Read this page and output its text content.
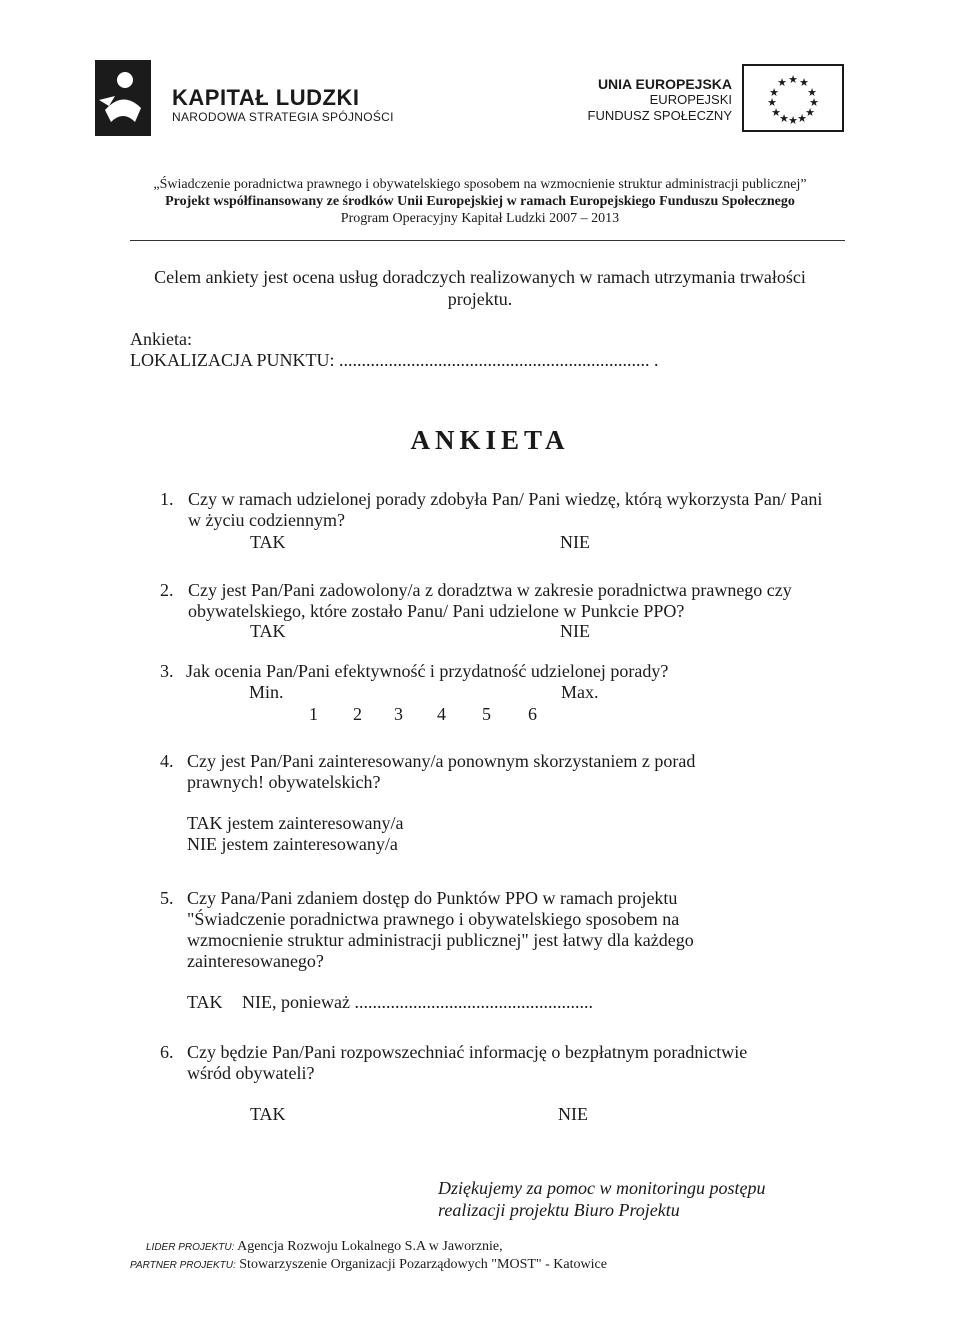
KAPITAŁ LUDZKI
NARODOWA STRATEGIA SPÓJNOŚCI
UNIA EUROPEJSKA
EUROPEJSKI
FUNDUSZ SPOŁECZNY
★
★ ★
★	★
★	★
★ ★
★ ★ ★
„Świadczenie poradnictwa prawnego i obywatelskiego sposobem na wzmocnienie struktur administracji publicznej”
Projekt współfinansowany ze środków Unii Europejskiej w ramach Europejskiego Funduszu Społecznego
Program Operacyjny Kapitał Ludzki 2007 – 2013
Celem ankiety jest ocena usług doradczych realizowanych w ramach utrzymania trwałości
projektu.
Ankieta:
LOKALIZACJA PUNKTU: ..................................................................... .
ANKIETA
1. Czy w ramach udzielonej porady zdobyła Pan/ Pani wiedzę, którą wykorzysta Pan/ Pani
w życiu codziennym?
TAK	NIE
2. Czy jest Pan/Pani zadowolony/a z doradztwa w zakresie poradnictwa prawnego czy
obywatelskiego, które zostało Panu/ Pani udzielone w Punkcie PPO?
TAK	NIE
3. Jak ocenia Pan/Pani efektywność i przydatność udzielonej porady?
Min.	Max.
1 2 3 4 5 6
4. Czy jest Pan/Pani zainteresowany/a ponownym skorzystaniem z porad
prawnych! obywatelskich?
TAK jestem zainteresowany/a
NIE jestem zainteresowany/a
5. Czy Pana/Pani zdaniem dostęp do Punktów PPO w ramach projektu
"Świadczenie poradnictwa prawnego i obywatelskiego sposobem na
wzmocnienie struktur administracji publicznej" jest łatwy dla każdego
zainteresowanego?
TAK NIE, ponieważ .....................................................
6. Czy będzie Pan/Pani rozpowszechniać informację o bezpłatnym poradnictwie
wśród obywateli?
TAK	NIE
Dziękujemy za pomoc w monitoringu postępu
realizacji projektu Biuro Projektu
LIDER PROJEKTU: Agencja Rozwoju Lokalnego S.A w Jaworznie,
PARTNER PROJEKTU: Stowarzyszenie Organizacji Pozarządowych "MOST" - Katowice
